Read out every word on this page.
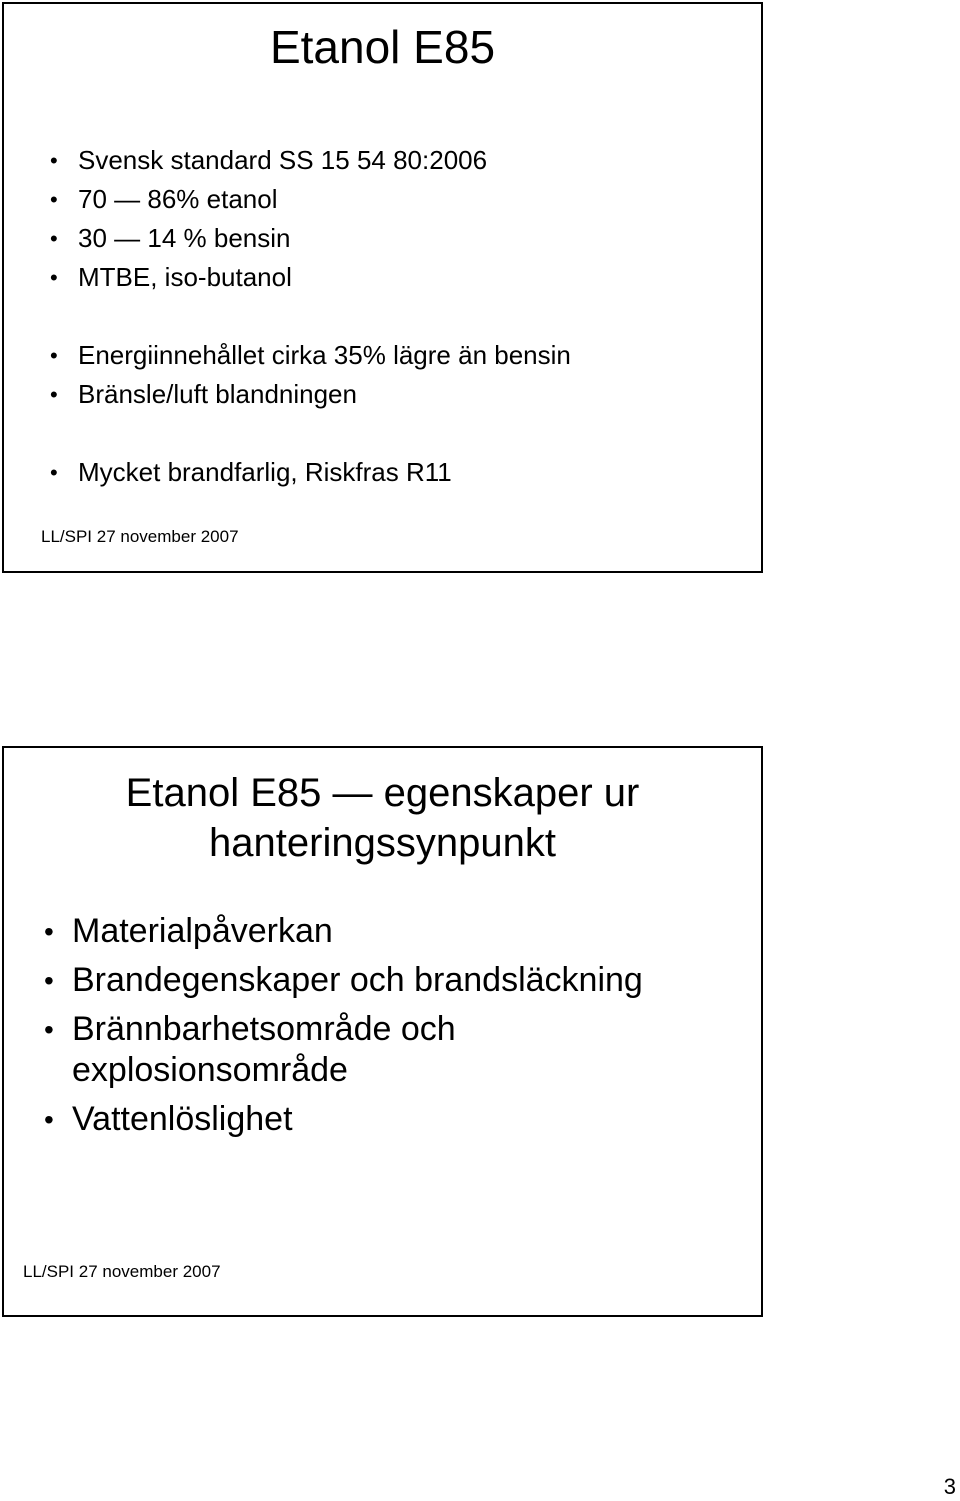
Etanol E85
• Svensk standard SS 15 54 80:2006
• 70 — 86% etanol
• 30 — 14 % bensin
• MTBE, iso-butanol
• Energiinnehållet cirka 35% lägre än bensin
• Bränsle/luft blandningen
• Mycket brandfarlig, Riskfras R11
LL/SPI 27 november 2007
Etanol E85 — egenskaper ur hanteringssynpunkt
• Materialpåverkan
• Brandegenskaper och brandsläckning
• Brännbarhetsområde och
explosionsområde
• Vattenlöslighet
LL/SPI 27 november 2007
3
